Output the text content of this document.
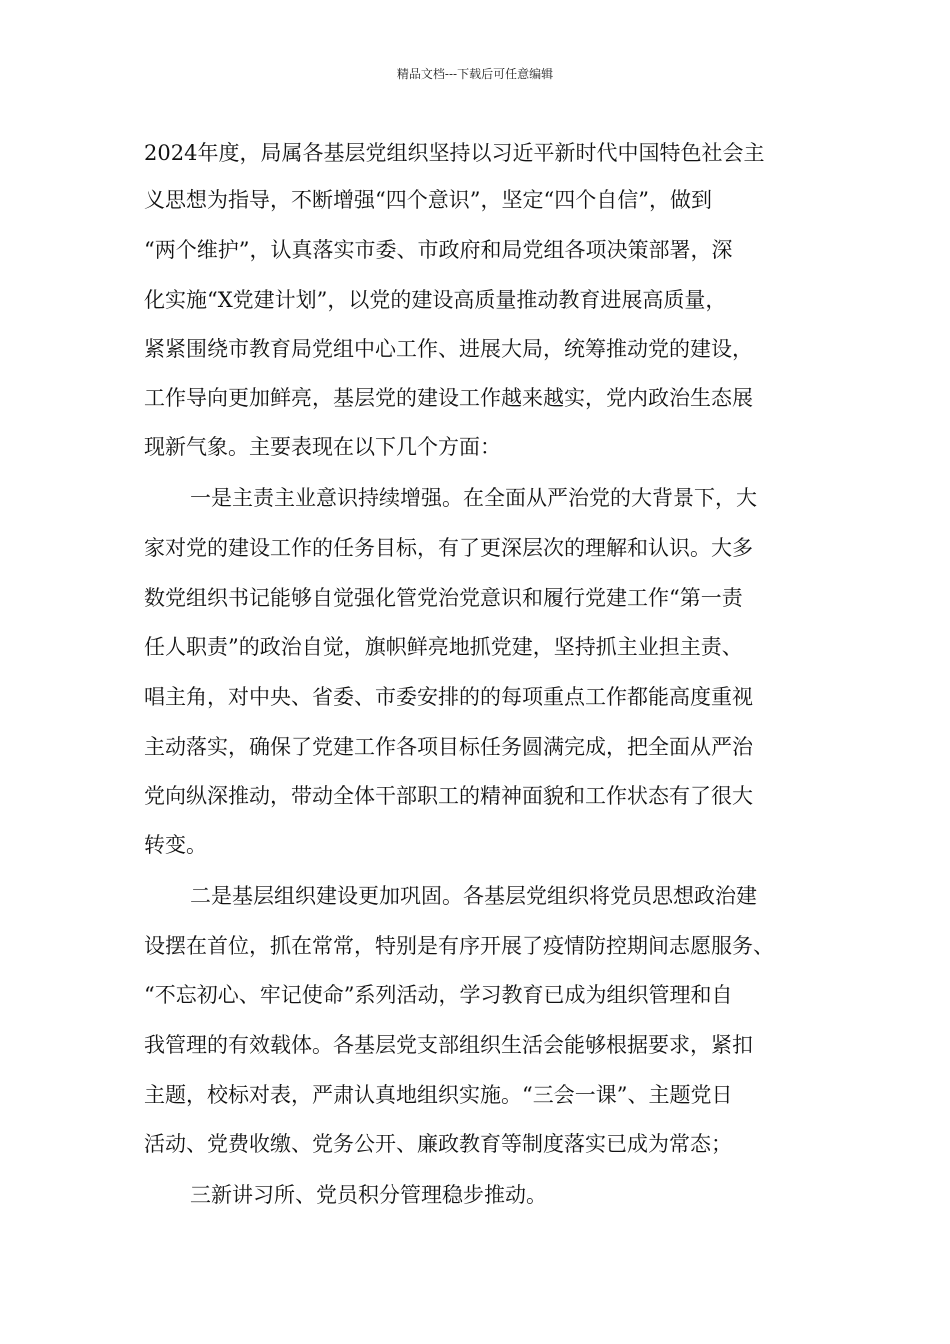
精品文档---下载后可任意编辑
2024年度，局属各基层党组织坚持以习近平新时代中国特色社会主
义思想为指导，不断增强“四个意识”，坚定“四个自信”，做到
“两个维护”，认真落实市委、市政府和局党组各项决策部署，深
化实施“X党建计划”，以党的建设高质量推动教育进展高质量，
紧紧围绕市教育局党组中心工作、进展大局，统筹推动党的建设，
工作导向更加鲜亮，基层党的建设工作越来越实，党内政治生态展
现新气象。主要表现在以下几个方面：
一是主责主业意识持续增强。在全面从严治党的大背景下，大
家对党的建设工作的任务目标，有了更深层次的理解和认识。大多
数党组织书记能够自觉强化管党治党意识和履行党建工作“第一责
任人职责”的政治自觉，旗帜鲜亮地抓党建，坚持抓主业担主责、
唱主角，对中央、省委、市委安排的的每项重点工作都能高度重视
主动落实，确保了党建工作各项目标任务圆满完成，把全面从严治
党向纵深推动，带动全体干部职工的精神面貌和工作状态有了很大
转变。
二是基层组织建设更加巩固。各基层党组织将党员思想政治建
设摆在首位，抓在常常，特别是有序开展了疫情防控期间志愿服务、
“不忘初心、牢记使命”系列活动，学习教育已成为组织管理和自
我管理的有效载体。各基层党支部组织生活会能够根据要求，紧扣
主题，校标对表，严肃认真地组织实施。“三会一课”、主题党日
活动、党费收缴、党务公开、廉政教育等制度落实已成为常态；
三新讲习所、党员积分管理稳步推动。
